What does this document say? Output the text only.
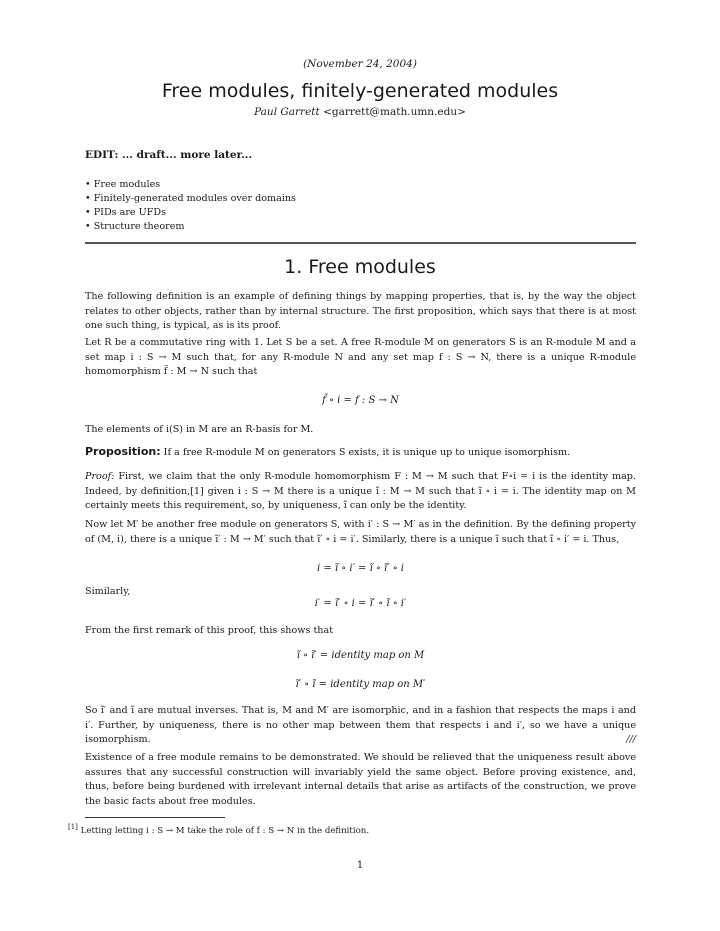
(November 24, 2004)
Free modules, finitely-generated modules
Paul Garrett <garrett@math.umn.edu>
EDIT: ... draft... more later...
• Free modules
• Finitely-generated modules over domains
• PIDs are UFDs
• Structure theorem
1. Free modules

The following definition is an example of defining things by mapping properties, that is, by the way the object relates to other objects, rather than by internal structure. The first proposition, which says that there is at most one such thing, is typical, as is its proof.

Let R be a commutative ring with 1. Let S be a set. A free R-module M on generators S is an R-module M and a set map i : S → M such that, for any R-module N and any set map f : S → N, there is a unique R-module homomorphism f̃ : M → N such that

f̃ ∘ i = f : S → N

The elements of i(S) in M are an R-basis for M.

Proposition: If a free R-module M on generators S exists, it is unique up to unique isomorphism.

Proof: First, we claim that the only R-module homomorphism F : M → M such that F∘i = i is the identity map. Indeed, by definition,[1] given i : S → M there is a unique ĩ : M → M such that ĩ ∘ i = i. The identity map on M certainly meets this requirement, so, by uniqueness, ĩ can only be the identity.

Now let M′ be another free module on generators S, with i′ : S → M′ as in the definition. By the defining property of (M, i), there is a unique ĩ′ : M → M′ such that ĩ′ ∘ i = i′. Similarly, there is a unique ĩ such that ĩ ∘ i′ = i. Thus,

i = ĩ ∘ i′ = ĩ ∘ ĩ′ ∘ i

Similarly,

i′ = ĩ′ ∘ i = ĩ′ ∘ ĩ ∘ i′

From the first remark of this proof, this shows that

ĩ ∘ ĩ′ = identity map on M
ĩ′ ∘ ĩ = identity map on M′

So ĩ′ and ĩ are mutual inverses. That is, M and M′ are isomorphic, and in a fashion that respects the maps i and i′. Further, by uniqueness, there is no other map between them that respects i and i′, so we have a unique isomorphism.	///

Existence of a free module remains to be demonstrated. We should be relieved that the uniqueness result above assures that any successful construction will invariably yield the same object. Before proving existence, and, thus, before being burdened with irrelevant internal details that arise as artifacts of the construction, we prove the basic facts about free modules.

[1] Letting letting i : S → M take the role of f : S → N in the definition.
1
